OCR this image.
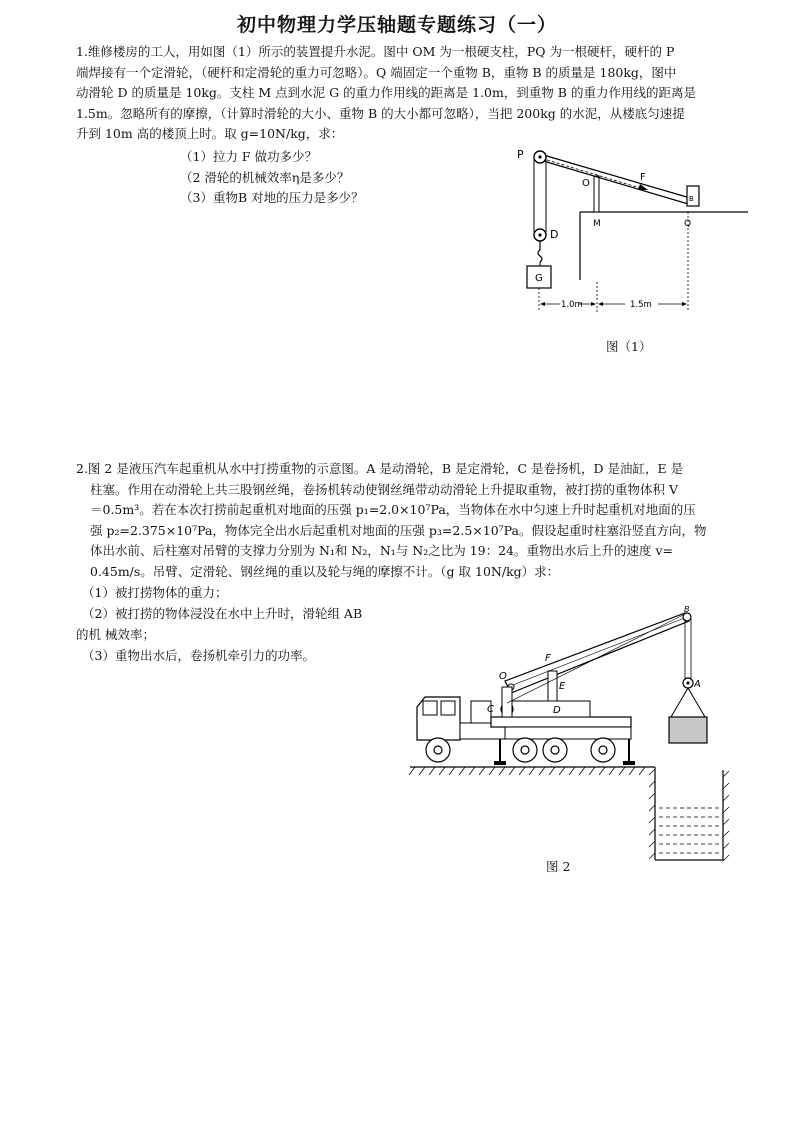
初中物理力学压轴题专题练习（一）
1.维修楼房的工人，用如图（1）所示的装置提升水泥。图中 OM 为一根硬支柱，PQ 为一根硬杆，硬杆的 P
端焊接有一个定滑轮，（硬杆和定滑轮的重力可忽略）。Q 端固定一个重物 B，重物 B 的质量是 180kg，图中
动滑轮 D 的质量是 10kg。支柱 M 点到水泥 G 的重力作用线的距离是 1.0m，到重物 B 的重力作用线的距离是
1.5m。忽略所有的摩擦，（计算时滑轮的大小、重物 B 的大小都可忽略），当把 200kg 的水泥，从楼底匀速提
升到 10m 高的楼顶上时。取 g=10N/kg，求：
（1）拉力 F 做功多少？
（2 滑轮的机械效率η是多少？
（3）重物B 对地的压力是多少？
P
O
F
B
M	Q
D
G
1.0m	1.5m
图（1）
2.图 2 是液压汽车起重机从水中打捞重物的示意图。A 是动滑轮，B 是定滑轮，C 是卷扬机，D 是油缸，E 是
柱塞。作用在动滑轮上共三股钢丝绳，卷扬机转动使钢丝绳带动动滑轮上升提取重物，被打捞的重物体积 V
＝0.5m³。若在本次打捞前起重机对地面的压强 p₁=2.0×10⁷Pa，当物体在水中匀速上升时起重机对地面的压
强 p₂=2.375×10⁷Pa，物体完全出水后起重机对地面的压强 p₃=2.5×10⁷Pa。假设起重时柱塞沿竖直方向，物
体出水前、后柱塞对吊臂的支撑力分别为 N₁和 N₂，N₁与 N₂之比为 19：24。重物出水后上升的速度 v=
0.45m/s。吊臂、定滑轮、钢丝绳的重以及轮与绳的摩擦不计。（g 取 10N/kg）求：
（1）被打捞物体的重力；
（2）被打捞的物体浸没在水中上升时，滑轮组 AB
的机 械效率；
（3）重物出水后，卷扬机牵引力的功率。
O
F
E
C	D
B
A
图 2
